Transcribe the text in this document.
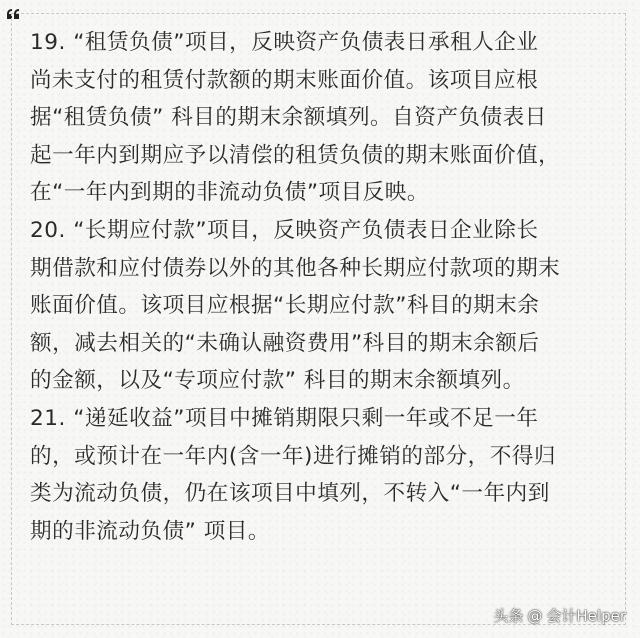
19. “租赁负债”项目，反映资产负债表日承租人企业
尚未支付的租赁付款额的期末账面价值。该项目应根
据“租赁负债” 科目的期末余额填列。自资产负债表日
起一年内到期应予以清偿的租赁负债的期末账面价值，
在“一年内到期的非流动负债”项目反映。
20. “长期应付款”项目，反映资产负债表日企业除长
期借款和应付债券以外的其他各种长期应付款项的期末
账面价值。该项目应根据“长期应付款”科目的期末余
额，减去相关的“未确认融资费用”科目的期末余额后
的金额，以及“专项应付款” 科目的期末余额填列。
21. “递延收益”项目中摊销期限只剩一年或不足一年
的，或预计在一年内(含一年)进行摊销的部分，不得归
类为流动负债，仍在该项目中填列，不转入“一年内到
期的非流动负债” 项目。
头条 @ 会计Helper
